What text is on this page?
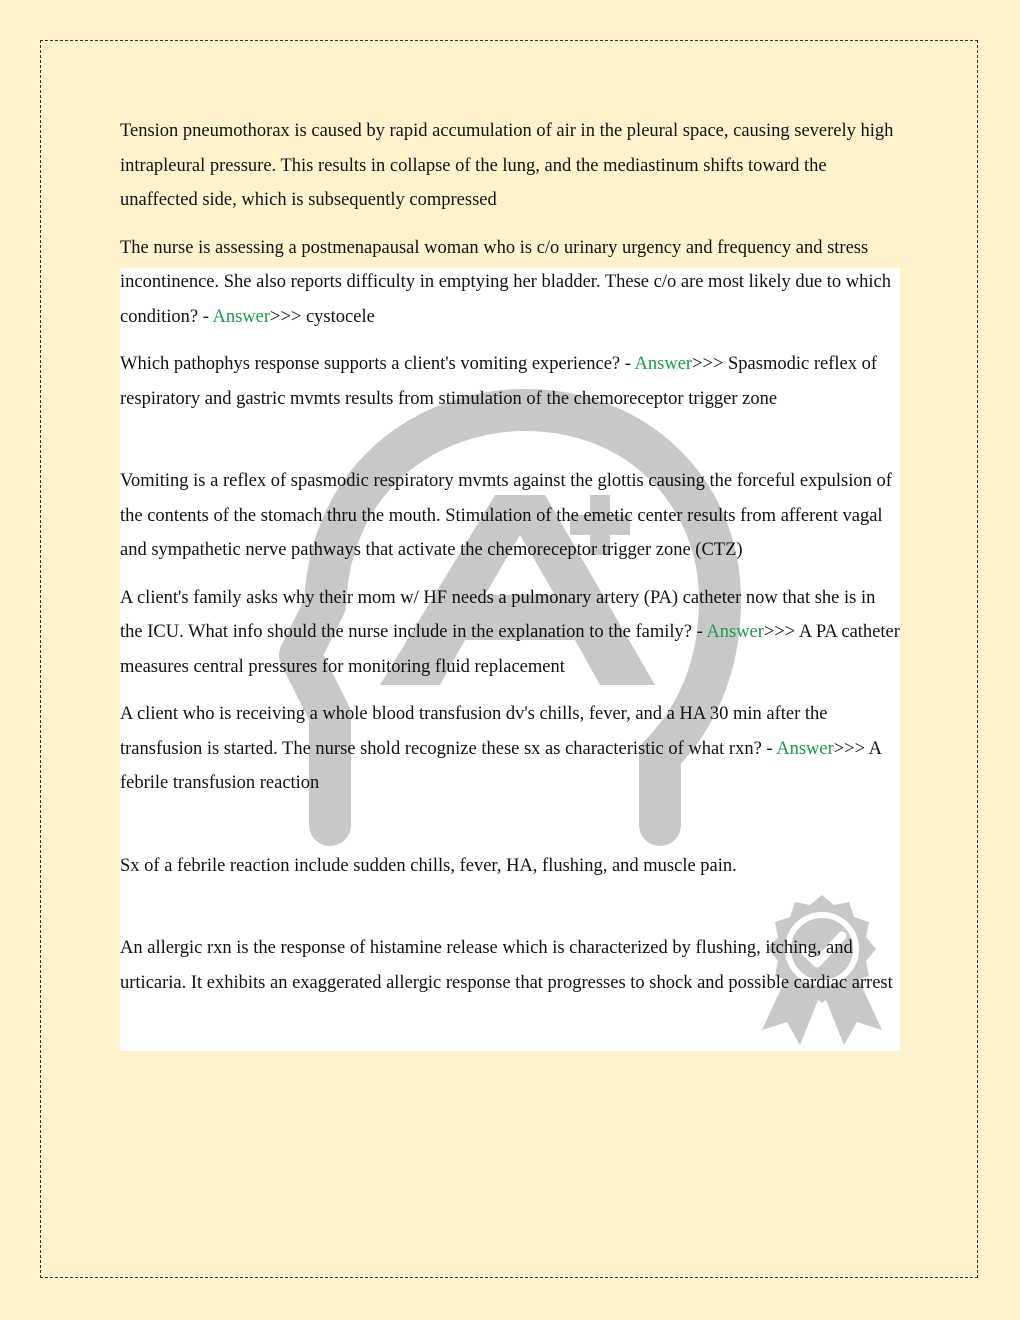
Tension pneumothorax is caused by rapid accumulation of air in the pleural space, causing severely high intrapleural pressure. This results in collapse of the lung, and the mediastinum shifts toward the unaffected side, which is subsequently compressed

The nurse is assessing a postmenapausal woman who is c/o urinary urgency and frequency and stress incontinence. She also reports difficulty in emptying her bladder. These c/o are most likely due to which condition? - Answer>>> cystocele

Which pathophys response supports a client's vomiting experience? - Answer>>> Spasmodic reflex of respiratory and gastric mvmts results from stimulation of the chemoreceptor trigger zone

Vomiting is a reflex of spasmodic respiratory mvmts against the glottis causing the forceful expulsion of the contents of the stomach thru the mouth. Stimulation of the emetic center results from afferent vagal and sympathetic nerve pathways that activate the chemoreceptor trigger zone (CTZ)

A client's family asks why their mom w/ HF needs a pulmonary artery (PA) catheter now that she is in the ICU. What info should the nurse include in the explanation to the family? - Answer>>> A PA catheter measures central pressures for monitoring fluid replacement

A client who is receiving a whole blood transfusion dv's chills, fever, and a HA 30 min after the transfusion is started. The nurse shold recognize these sx as characteristic of what rxn? - Answer>>> A febrile transfusion reaction

Sx of a febrile reaction include sudden chills, fever, HA, flushing, and muscle pain.

An allergic rxn is the response of histamine release which is characterized by flushing, itching, and urticaria. It exhibits an exaggerated allergic response that progresses to shock and possible cardiac arrest
